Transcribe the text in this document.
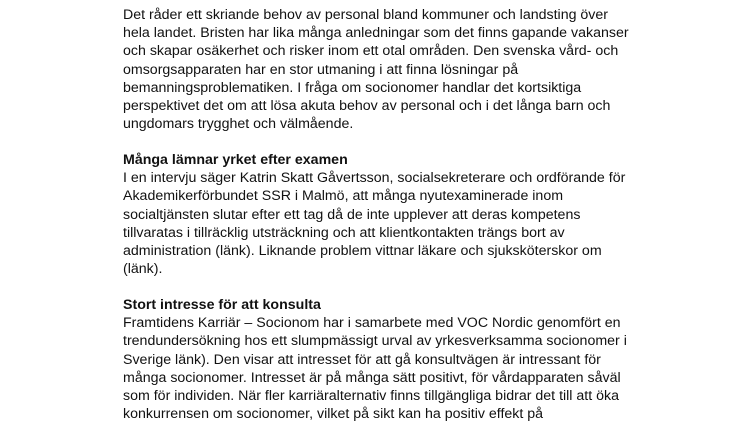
Det råder ett skriande behov av personal bland kommuner och landsting över
hela landet. Bristen har lika många anledningar som det finns gapande vakanser
och skapar osäkerhet och risker inom ett otal områden. Den svenska vård- och
omsorgsapparaten har en stor utmaning i att finna lösningar på
bemanningsproblematiken. I fråga om socionomer handlar det kortsiktiga
perspektivet det om att lösa akuta behov av personal och i det långa barn och
ungdomars trygghet och välmående.
Många lämnar yrket efter examen
I en intervju säger Katrin Skatt Gåvertsson, socialsekreterare och ordförande för
Akademikerförbundet SSR i Malmö, att många nyutexaminerade inom
socialtjänsten slutar efter ett tag då de inte upplever att deras kompetens
tillvaratas i tillräcklig utsträckning och att klientkontakten trängs bort av
administration (länk). Liknande problem vittnar läkare och sjuksköterskor om
(länk).
Stort intresse för att konsulta
Framtidens Karriär – Socionom har i samarbete med VOC Nordic genomfört en
trendundersökning hos ett slumpmässigt urval av yrkesverksamma socionomer i
Sverige länk). Den visar att intresset för att gå konsultvägen är intressant för
många socionomer. Intresset är på många sätt positivt, för vårdapparaten såväl
som för individen. När fler karriäralternativ finns tillgängliga bidrar det till att öka
konkurrensen om socionomer, vilket på sikt kan ha positiv effekt på
